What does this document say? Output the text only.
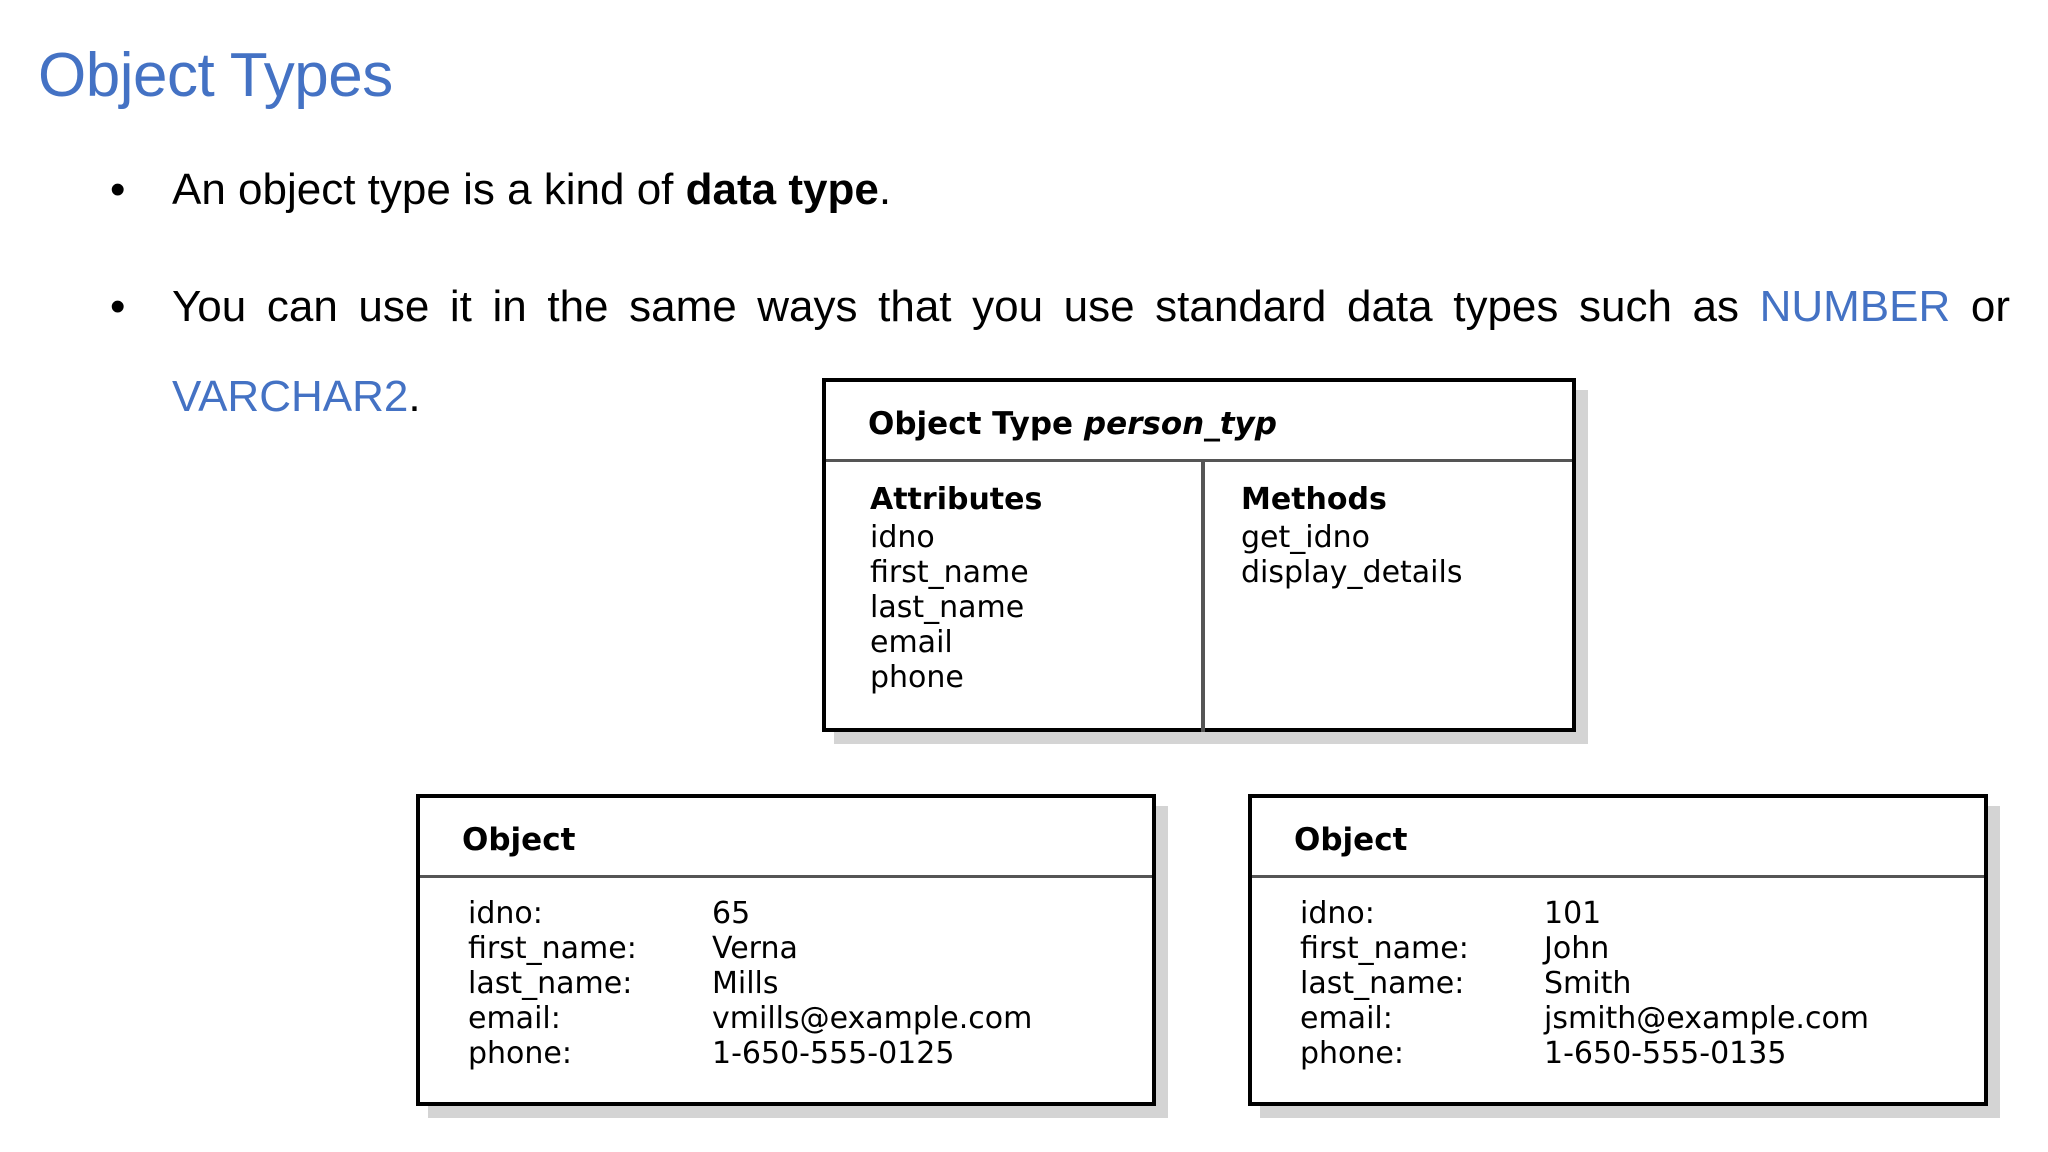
Object Types
• An object type is a kind of data type.
• You can use it in the same ways that you use standard data types such as NUMBER or VARCHAR2.
Object Type person_typ
Attributes
idno
first_name
last_name
email
phone
Methods
get_idno
display_details
Object
idno:	65
first_name:	Verna
last_name:	Mills
email:	vmills@example.com
phone:	1-650-555-0125
Object
idno:	101
first_name:	John
last_name:	Smith
email:	jsmith@example.com
phone:	1-650-555-0135
